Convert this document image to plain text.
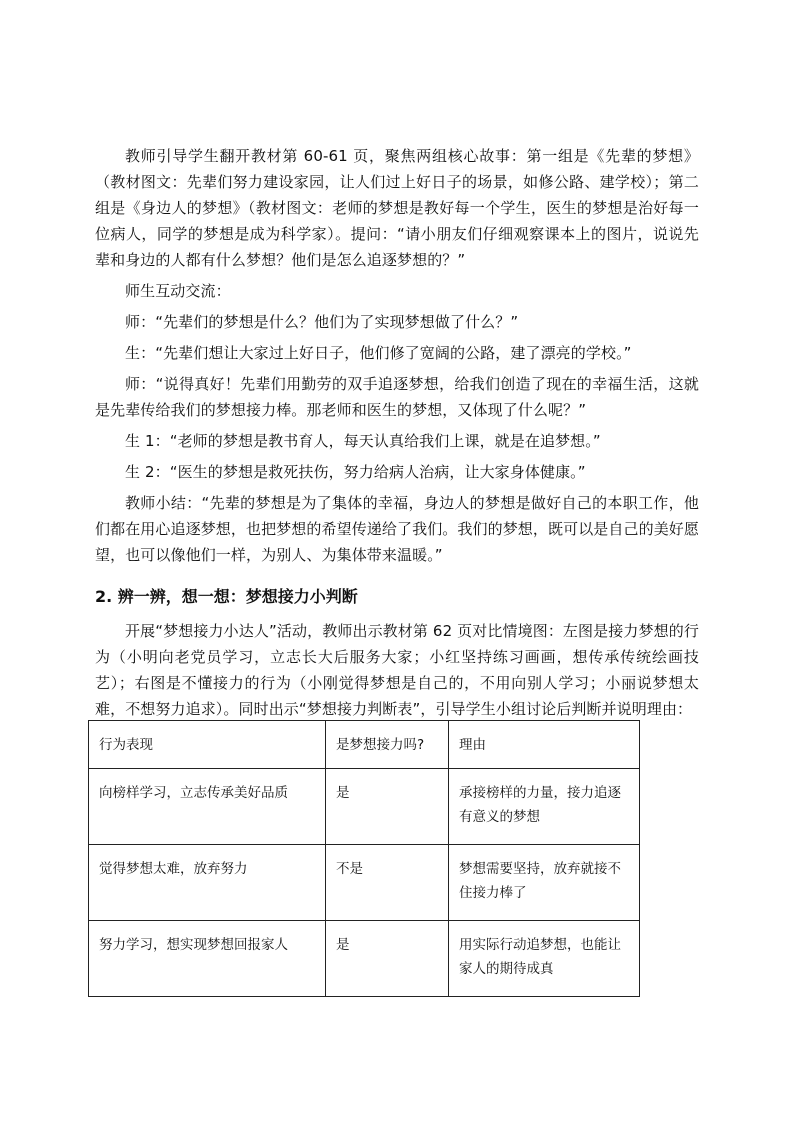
教师引导学生翻开教材第 60-61 页，聚焦两组核心故事：第一组是《先辈的梦想》（教材图文：先辈们努力建设家园，让人们过上好日子的场景，如修公路、建学校）；第二组是《身边人的梦想》（教材图文：老师的梦想是教好每一个学生，医生的梦想是治好每一位病人，同学的梦想是成为科学家）。提问：“请小朋友们仔细观察课本上的图片，说说先辈和身边的人都有什么梦想？他们是怎么追逐梦想的？”

师生互动交流：

师：“先辈们的梦想是什么？他们为了实现梦想做了什么？”

生：“先辈们想让大家过上好日子，他们修了宽阔的公路，建了漂亮的学校。”

师：“说得真好！先辈们用勤劳的双手追逐梦想，给我们创造了现在的幸福生活，这就是先辈传给我们的梦想接力棒。那老师和医生的梦想，又体现了什么呢？”

生 1：“老师的梦想是教书育人，每天认真给我们上课，就是在追梦想。”

生 2：“医生的梦想是救死扶伤，努力给病人治病，让大家身体健康。”

教师小结：“先辈的梦想是为了集体的幸福，身边人的梦想是做好自己的本职工作，他们都在用心追逐梦想，也把梦想的希望传递给了我们。我们的梦想，既可以是自己的美好愿望，也可以像他们一样，为别人、为集体带来温暖。”

2. 辨一辨，想一想：梦想接力小判断

开展“梦想接力小达人”活动，教师出示教材第 62 页对比情境图：左图是接力梦想的行为（小明向老党员学习，立志长大后服务大家；小红坚持练习画画，想传承传统绘画技艺）；右图是不懂接力的行为（小刚觉得梦想是自己的，不用向别人学习；小丽说梦想太难，不想努力追求）。同时出示“梦想接力判断表”，引导学生小组讨论后判断并说明理由：

行为表现	是梦想接力吗?	理由
向榜样学习，立志传承美好品质	是	承接榜样的力量，接力追逐有意义的梦想
觉得梦想太难，放弃努力	不是	梦想需要坚持，放弃就接不住接力棒了
努力学习，想实现梦想回报家人	是	用实际行动追梦想，也能让家人的期待成真
